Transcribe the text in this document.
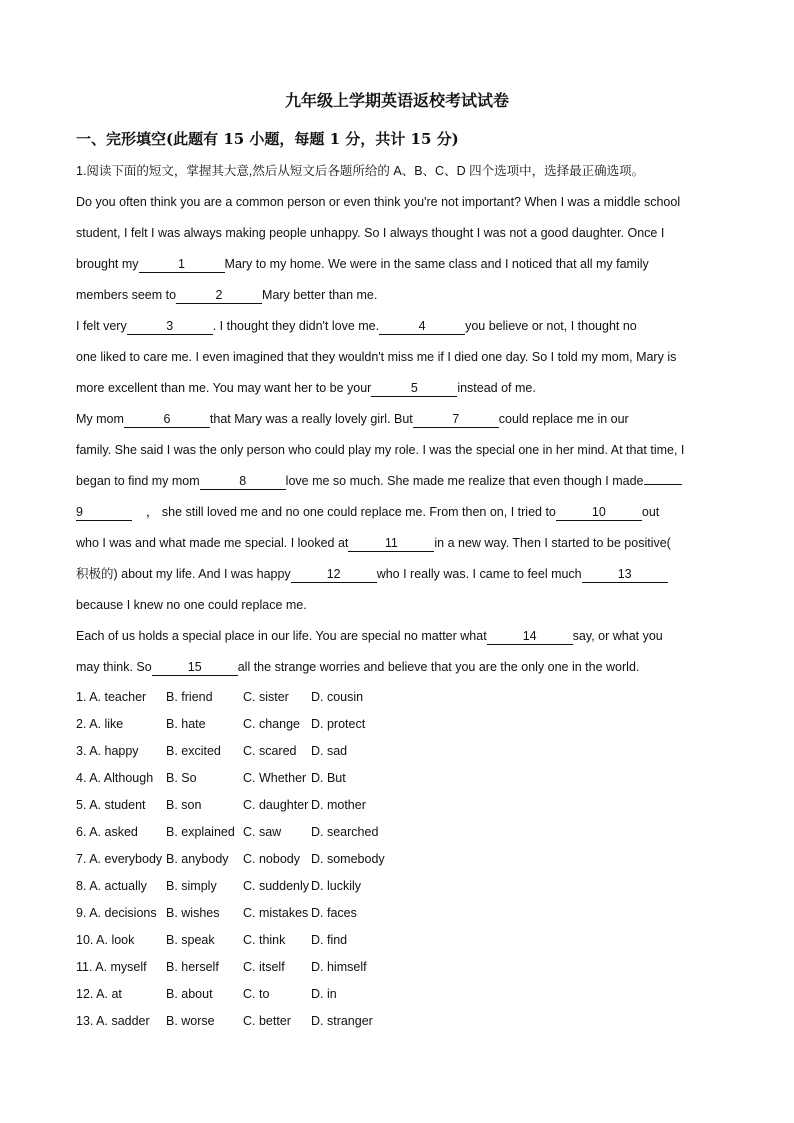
九年级上学期英语返校考试试卷
一、完形填空(此题有 15 小题，每题 1 分，共计 15 分)
1.阅读下面的短文，掌握其大意,然后从短文后各题所给的 A、B、C、D 四个选项中，选择最正确选项。
Do you often think you are a common person or even think you're not important? When I was a middle school
student, I felt I was always making people unhappy. So I always thought I was not a good daughter. Once I
brought my	1	Mary to my home. We were in the same class and I noticed that all my family
members seem to	2	Mary better than me.
I felt very	3	. I thought they didn't love me.	4	you believe or not, I thought no
one liked to care me. I even imagined that they wouldn't miss me if I died one day. So I told my mom, Mary is
more excellent than me. You may want her to be your	5	instead of me.
My mom	6	that Mary was a really lovely girl. But	7	could replace me in our
family. She said I was the only person who could play my role. I was the special one in her mind. At that time, I
began to find my mom	8	love me so much. She made me realize that even though I made
9	， she still loved me and no one could replace me. From then on, I tried to	10	out
who I was and what made me special. I looked at	11	in a new way. Then I started to be positive(
积极的) about my life. And I was happy	12	who I really was. I came to feel much	13
because I knew no one could replace me.
Each of us holds a special place in our life. You are special no matter what	14	say, or what you
may think. So	15	all the strange worries and believe that you are the only one in the world.
1. A. teacher B. friend C. sister D. cousin
2. A. like	B. hate	C. change D. protect
3. A. happy B. excited C. scared D. sad
4. A. Although B. So	C. Whether D. But
5. A. student B. son	C. daughter D. mother
6. A. asked B. explained C. saw D. searched
7. A. everybody B. anybody C. nobody D. somebody
8. A. actually B. simply C. suddenly D. luckily
9. A. decisions B. wishes C. mistakes D. faces
10. A. look	B. speak C. think D. find
11. A. myself B. herself C. itself D. himself
12. A. at	B. about C. to	D. in
13. A. sadder B. worse C. better D. stranger
